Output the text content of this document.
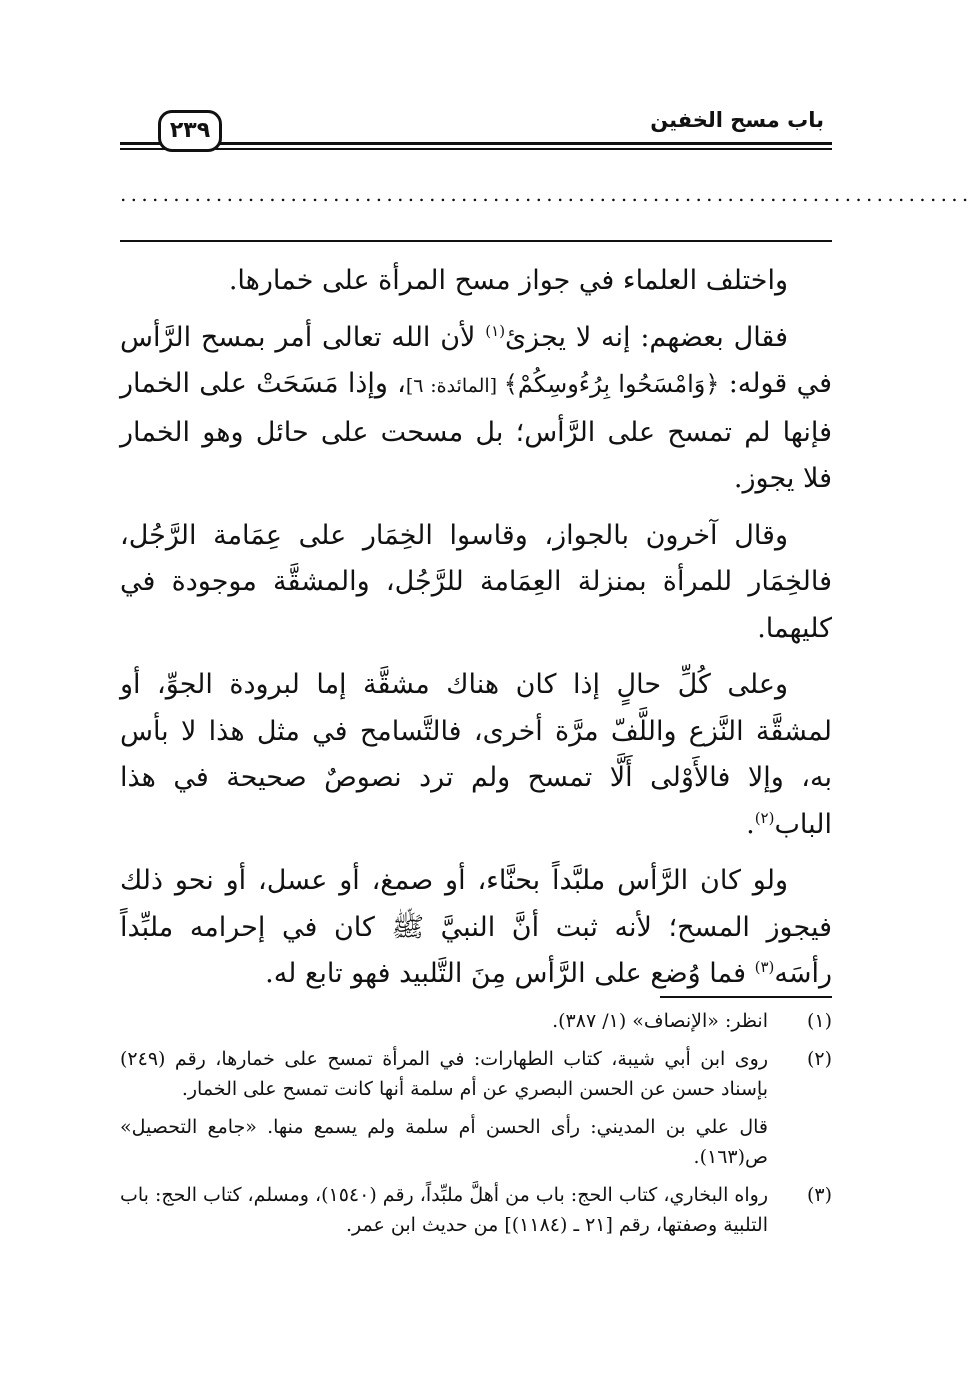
باب مسح الخفين
٢٣٩
................................................................................

واختلف العلماء في جواز مسح المرأة على خمارها.

فقال بعضهم: إنه لا يجزئ$^{(١)}$ لأن الله تعالى أمر بمسح الرَّأس في قوله: ﴿وَامْسَحُوا بِرُءُوسِكُمْ﴾ [المائدة: ٦]، وإذا مَسَحَتْ على الخمار فإنها لم تمسح على الرَّأس؛ بل مسحت على حائل وهو الخمار فلا يجوز.

وقال آخرون بالجواز، وقاسوا الخِمَار على عِمَامة الرَّجُل، فالخِمَار للمرأة بمنزلة العِمَامة للرَّجُل، والمشقَّة موجودة في كليهما.

وعلى كُلِّ حالٍ إذا كان هناك مشقَّة إما لبرودة الجوِّ، أو لمشقَّة النَّزع واللَّفّ مرَّة أخرى، فالتَّسامح في مثل هذا لا بأس به، وإلا فالأَوْلى أَلَّا تمسح ولم ترد نصوصٌ صحيحة في هذا الباب$^{(٢)}$.

ولو كان الرَّأس ملبَّداً بحنَّاء، أو صمغ، أو عسل، أو نحو ذلك فيجوز المسح؛ لأنه ثبت أنَّ النبيَّ ﷺ كان في إحرامه ملبِّداً رأسَه$^{(٣)}$ فما وُضع على الرَّأس مِنَ التَّلبيد فهو تابع له.

(١)
انظر: «الإنصاف» (١/ ٣٨٧).
(٢)

روى ابن أبي شيبة، كتاب الطهارات: في المرأة تمسح على خمارها، رقم (٢٤٩) بإسناد حسن عن الحسن البصري عن أم سلمة أنها كانت تمسح على الخمار.

قال علي بن المديني: رأى الحسن أم سلمة ولم يسمع منها. «جامع التحصيل» ص(١٦٣).

(٣)
رواه البخاري، كتاب الحج: باب من أهلَّ ملبِّداً، رقم (١٥٤٠)، ومسلم، كتاب الحج: باب التلبية وصفتها، رقم [٢١ ـ (١١٨٤)] من حديث ابن عمر.
